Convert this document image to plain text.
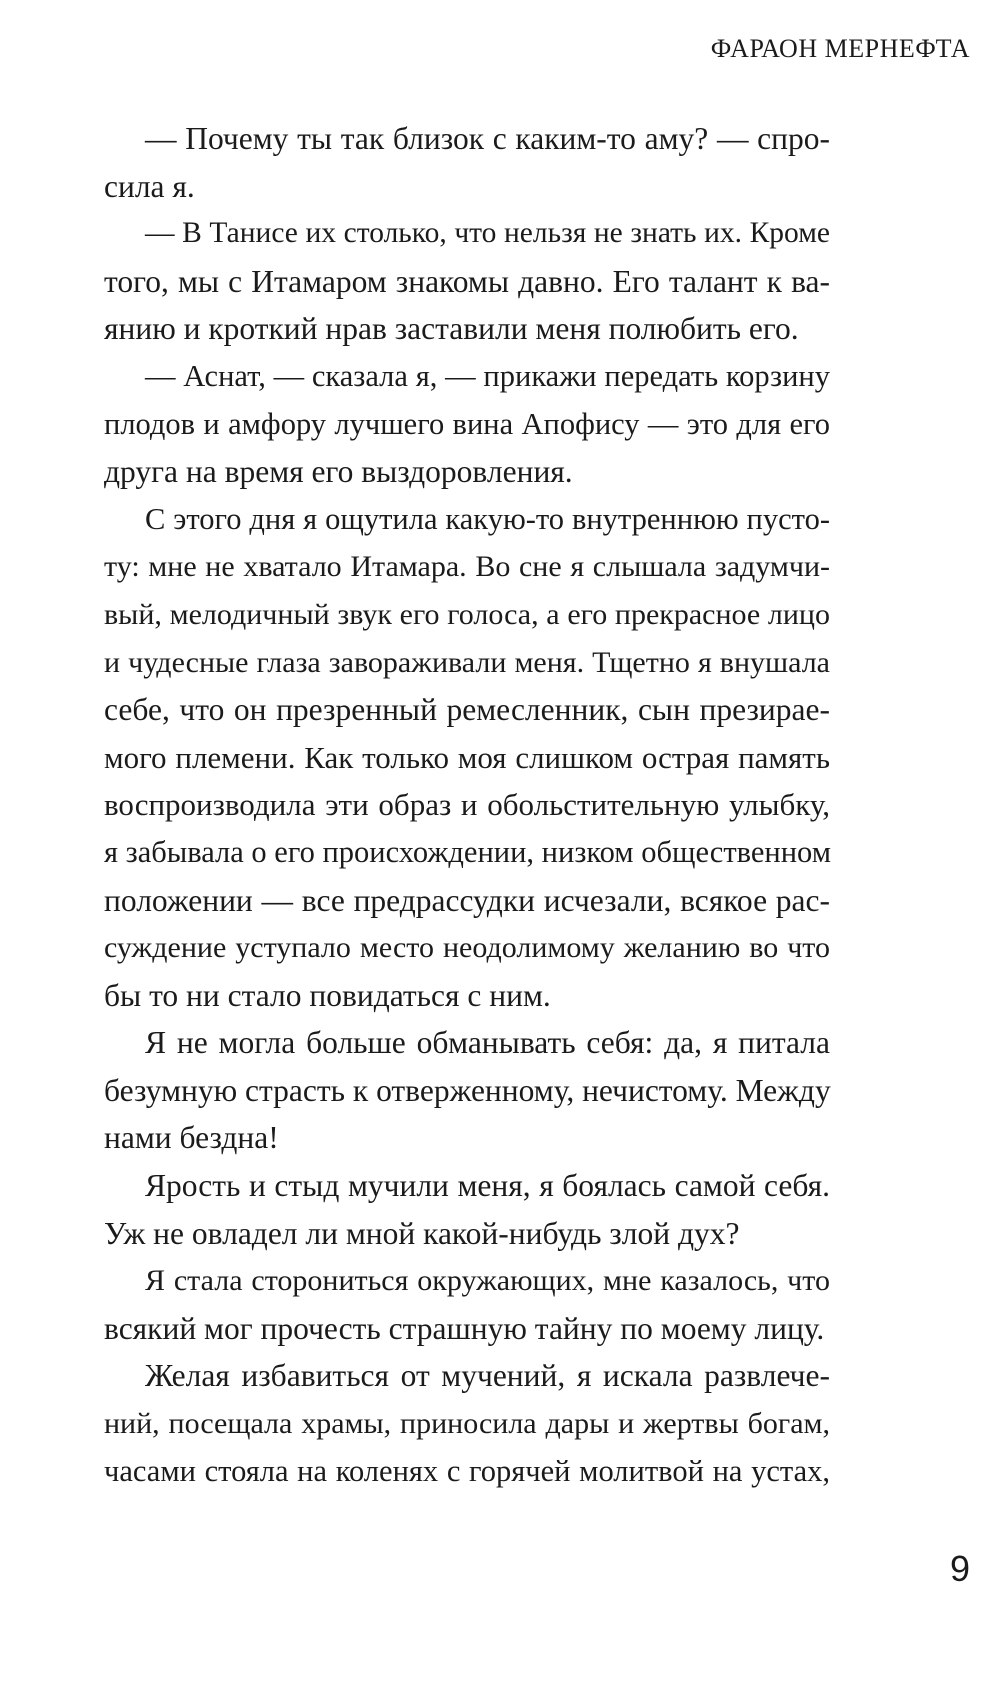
ФАРАОН МЕРНЕФТА
— Почему ты так близок с каким-то аму? — спро-
сила я.
— В Танисе их столько, что нельзя не знать их. Кроме
того, мы с Итамаром знакомы давно. Его талант к ва-
янию и кроткий нрав заставили меня полюбить его.
— Аснат, — сказала я, — прикажи передать корзину
плодов и амфору лучшего вина Апофису — это для его
друга на время его выздоровления.
С этого дня я ощутила какую-то внутреннюю пусто-
ту: мне не хватало Итамара. Во сне я слышала задумчи-
вый, мелодичный звук его голоса, а его прекрасное лицо
и чудесные глаза завораживали меня. Тщетно я внушала
себе, что он презренный ремесленник, сын презирае-
мого племени. Как только моя слишком острая память
воспроизводила эти образ и обольстительную улыбку,
я забывала о его происхождении, низком общественном
положении — все предрассудки исчезали, всякое рас-
суждение уступало место неодолимому желанию во что
бы то ни стало повидаться с ним.
Я не могла больше обманывать себя: да, я питала
безумную страсть к отверженному, нечистому. Между
нами бездна!
Ярость и стыд мучили меня, я боялась самой себя.
Уж не овладел ли мной какой-нибудь злой дух?
Я стала сторониться окружающих, мне казалось, что
всякий мог прочесть страшную тайну по моему лицу.
Желая избавиться от мучений, я искала развлече-
ний, посещала храмы, приносила дары и жертвы богам,
часами стояла на коленях с горячей молитвой на устах,
9
